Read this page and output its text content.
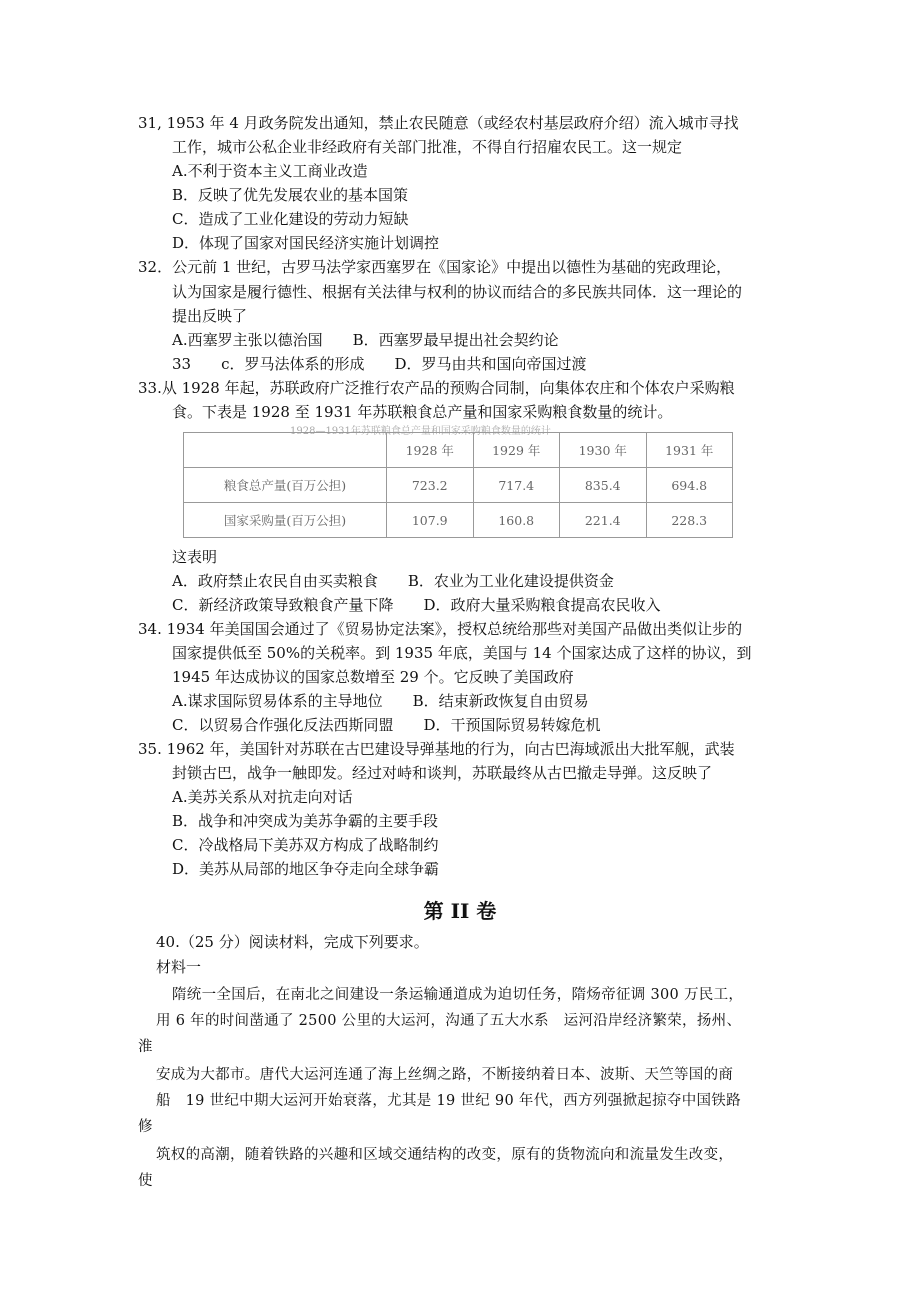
31, 1953 年 4 月政务院发出通知，禁止农民随意（或经农村基层政府介绍）流入城市寻找
工作，城市公私企业非经政府有关部门批准，不得自行招雇农民工。这一规定
A.不利于资本主义工商业改造
B．反映了优先发展农业的基本国策
C．造成了工业化建设的劳动力短缺
D．体现了国家对国民经济实施计划调控
32．公元前 1 世纪，古罗马法学家西塞罗在《国家论》中提出以德性为基础的宪政理论，
认为国家是履行德性、根据有关法律与权利的协议而结合的多民族共同体．这一理论的
提出反映了
A.西塞罗主张以德治国　　B．西塞罗最早提出社会契约论
33　　c．罗马法体系的形成　　D．罗马由共和国向帝国过渡
33.从 1928 年起，苏联政府广泛推行农产品的预购合同制，向集体农庄和个体农户采购粮
食。下表是 1928 至 1931 年苏联粮食总产量和国家采购粮食数量的统计。
1928—1931年苏联粮食总产量和国家采购粮食数量的统计
	1928 年	1929 年	1930 年	1931 年
粮食总产量(百万公担)	723.2	717.4	835.4	694.8
国家采购量(百万公担)	107.9	160.8	221.4	228.3
这表明
A．政府禁止农民自由买卖粮食　　B．农业为工业化建设提供资金
C．新经济政策导致粮食产量下降　　D．政府大量采购粮食提高农民收入
34. 1934 年美国国会通过了《贸易协定法案》，授权总统给那些对美国产品做出类似让步的
国家提供低至 50%的关税率。到 1935 年底，美国与 14 个国家达成了这样的协议，到
1945 年达成协议的国家总数增至 29 个。它反映了美国政府
A.谋求国际贸易体系的主导地位　　B．结束新政恢复自由贸易
C．以贸易合作强化反法西斯同盟　　D．干预国际贸易转嫁危机
35. 1962 年，美国针对苏联在古巴建设导弹基地的行为，向古巴海域派出大批军舰，武装
封锁古巴，战争一触即发。经过对峙和谈判，苏联最终从古巴撤走导弹。这反映了
A.美苏关系从对抗走向对话
B．战争和冲突成为美苏争霸的主要手段
C．冷战格局下美苏双方构成了战略制约
D．美苏从局部的地区争夺走向全球争霸
第 II 卷
40.（25 分）阅读材料，完成下列要求。
材料一
隋统一全国后，在南北之间建设一条运输通道成为迫切任务，隋炀帝征调 300 万民工，
用 6 年的时间凿通了 2500 公里的大运河，沟通了五大水系　运河沿岸经济繁荣，扬州、
淮
安成为大都市。唐代大运河连通了海上丝绸之路，不断接纳着日本、波斯、天竺等国的商
船　19 世纪中期大运河开始衰落，尤其是 19 世纪 90 年代，西方列强掀起掠夺中国铁路
修
筑权的高潮，随着铁路的兴趣和区域交通结构的改变，原有的货物流向和流量发生改变，
使
